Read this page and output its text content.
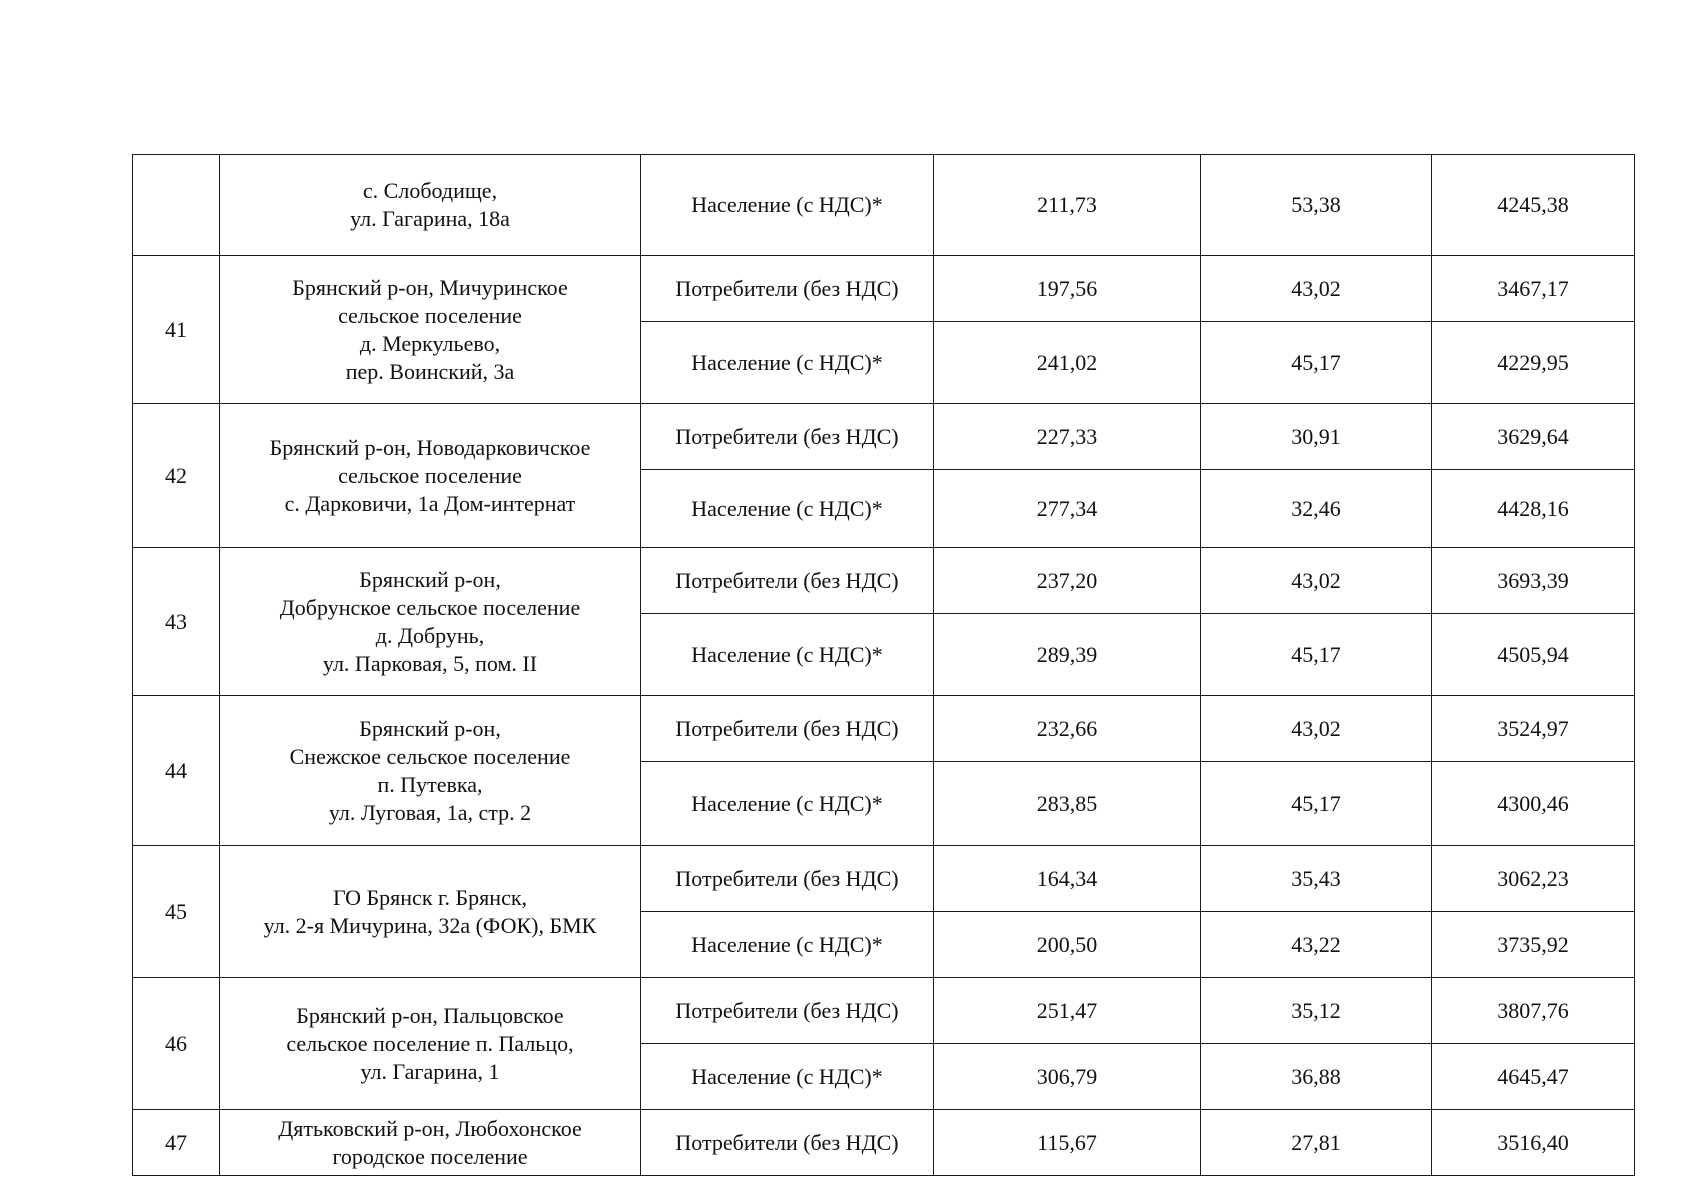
	с. Слободище,
ул. Гагарина, 18а	Население (с НДС)*	211,73	53,38	4245,38
41	Брянский р-он, Мичуринское
сельское поселение
д. Меркульево,
пер. Воинский, 3а	Потребители (без НДС)	197,56	43,02	3467,17
		Население (с НДС)*	241,02	45,17	4229,95
42	Брянский р-он, Новодарковичское
сельское поселение
с. Дарковичи, 1а Дом-интернат	Потребители (без НДС)	227,33	30,91	3629,64
		Население (с НДС)*	277,34	32,46	4428,16
43	Брянский р-он,
Добрунское сельское поселение
д. Добрунь,
ул. Парковая, 5, пом. II	Потребители (без НДС)	237,20	43,02	3693,39
		Население (с НДС)*	289,39	45,17	4505,94
44	Брянский р-он,
Снежское сельское поселение
п. Путевка,
ул. Луговая, 1а, стр. 2	Потребители (без НДС)	232,66	43,02	3524,97
		Население (с НДС)*	283,85	45,17	4300,46
45	ГО Брянск г. Брянск,
ул. 2-я Мичурина, 32а (ФОК), БМК	Потребители (без НДС)	164,34	35,43	3062,23
		Население (с НДС)*	200,50	43,22	3735,92
46	Брянский р-он, Пальцовское
сельское поселение п. Пальцо,
ул. Гагарина, 1	Потребители (без НДС)	251,47	35,12	3807,76
		Население (с НДС)*	306,79	36,88	4645,47
47	Дятьковский р-он, Любохонское
городское поселение	Потребители (без НДС)	115,67	27,81	3516,40
